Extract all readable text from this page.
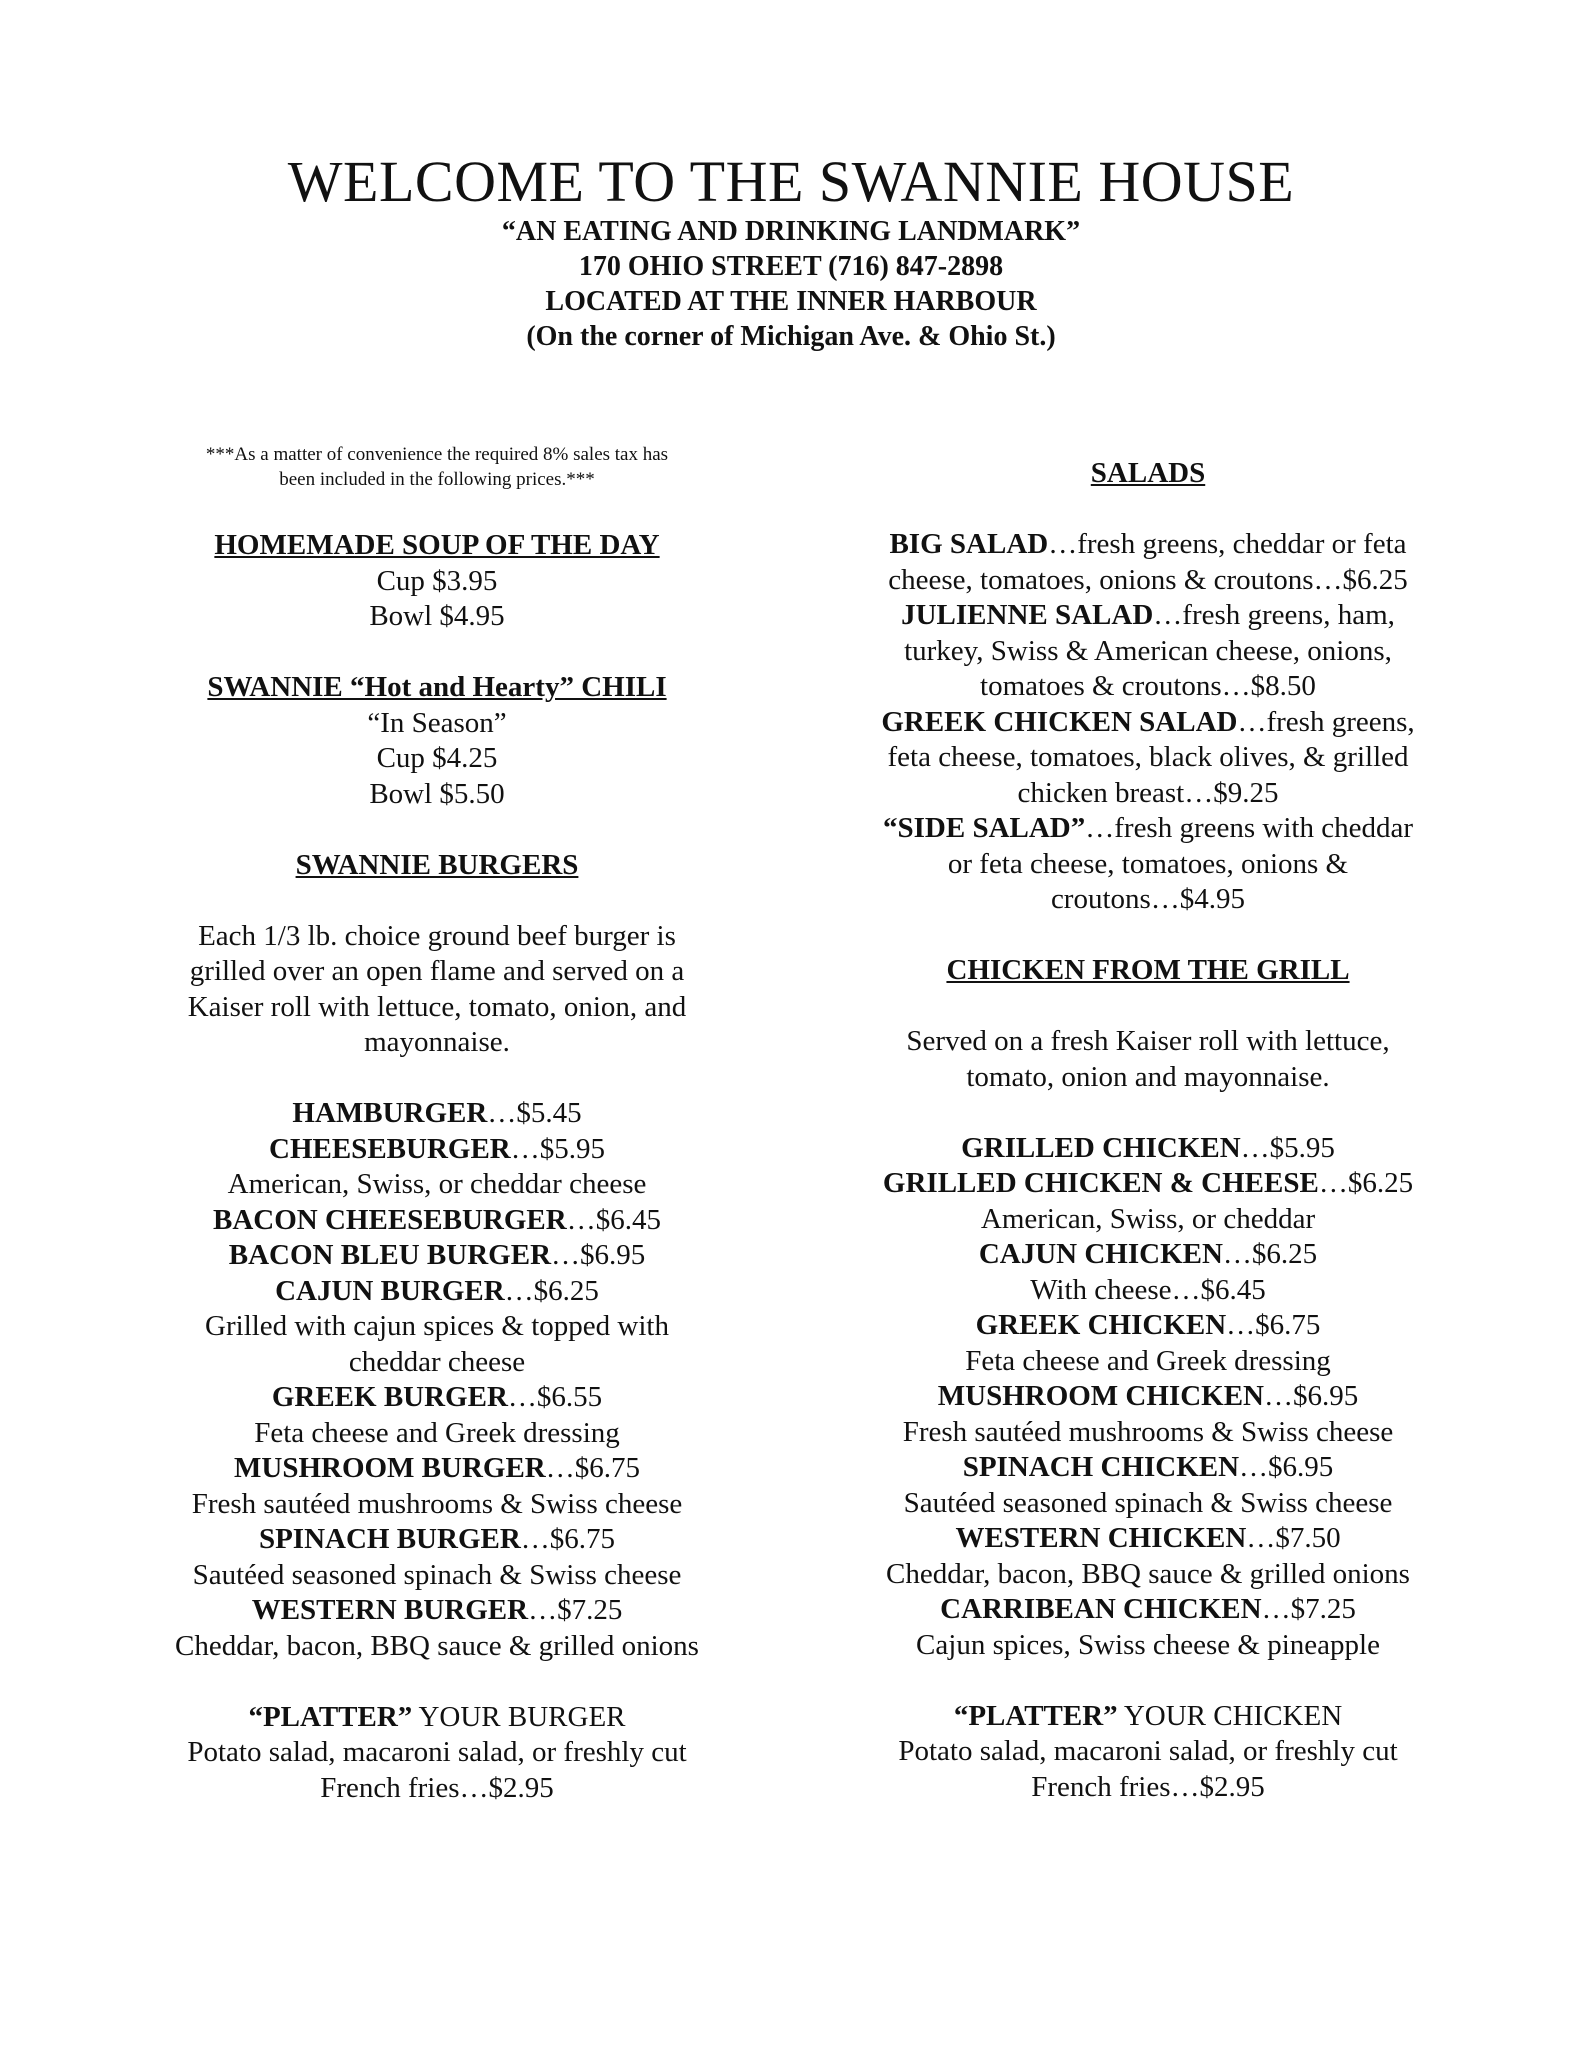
WELCOME TO THE SWANNIE HOUSE
“AN EATING AND DRINKING LANDMARK”
170 OHIO STREET (716) 847-2898
LOCATED AT THE INNER HARBOUR
(On the corner of Michigan Ave. & Ohio St.)
***As a matter of convenience the required 8% sales tax has
been included in the following prices.***

HOMEMADE SOUP OF THE DAY

Cup $3.95

Bowl $4.95

SWANNIE “Hot and Hearty” CHILI

“In Season”

Cup $4.25

Bowl $5.50

SWANNIE BURGERS

Each 1/3 lb. choice ground beef burger is

grilled over an open flame and served on a

Kaiser roll with lettuce, tomato, onion, and

mayonnaise.

HAMBURGER…$5.45

CHEESEBURGER…$5.95

American, Swiss, or cheddar cheese

BACON CHEESEBURGER…$6.45

BACON BLEU BURGER…$6.95

CAJUN BURGER…$6.25

Grilled with cajun spices & topped with

cheddar cheese

GREEK BURGER…$6.55

Feta cheese and Greek dressing

MUSHROOM BURGER…$6.75

Fresh sautéed mushrooms & Swiss cheese

SPINACH BURGER…$6.75

Sautéed seasoned spinach & Swiss cheese

WESTERN BURGER…$7.25

Cheddar, bacon, BBQ sauce & grilled onions

“PLATTER” YOUR BURGER

Potato salad, macaroni salad, or freshly cut

French fries…$2.95

SALADS

BIG SALAD…fresh greens, cheddar or feta

cheese, tomatoes, onions & croutons…$6.25

JULIENNE SALAD…fresh greens, ham,

turkey, Swiss & American cheese, onions,

tomatoes & croutons…$8.50

GREEK CHICKEN SALAD…fresh greens,

feta cheese, tomatoes, black olives, & grilled

chicken breast…$9.25

“SIDE SALAD”…fresh greens with cheddar

or feta cheese, tomatoes, onions &

croutons…$4.95

CHICKEN FROM THE GRILL

Served on a fresh Kaiser roll with lettuce,

tomato, onion and mayonnaise.

GRILLED CHICKEN…$5.95

GRILLED CHICKEN & CHEESE…$6.25

American, Swiss, or cheddar

CAJUN CHICKEN…$6.25

With cheese…$6.45

GREEK CHICKEN…$6.75

Feta cheese and Greek dressing

MUSHROOM CHICKEN…$6.95

Fresh sautéed mushrooms & Swiss cheese

SPINACH CHICKEN…$6.95

Sautéed seasoned spinach & Swiss cheese

WESTERN CHICKEN…$7.50

Cheddar, bacon, BBQ sauce & grilled onions

CARRIBEAN CHICKEN…$7.25

Cajun spices, Swiss cheese & pineapple

“PLATTER” YOUR CHICKEN

Potato salad, macaroni salad, or freshly cut

French fries…$2.95
